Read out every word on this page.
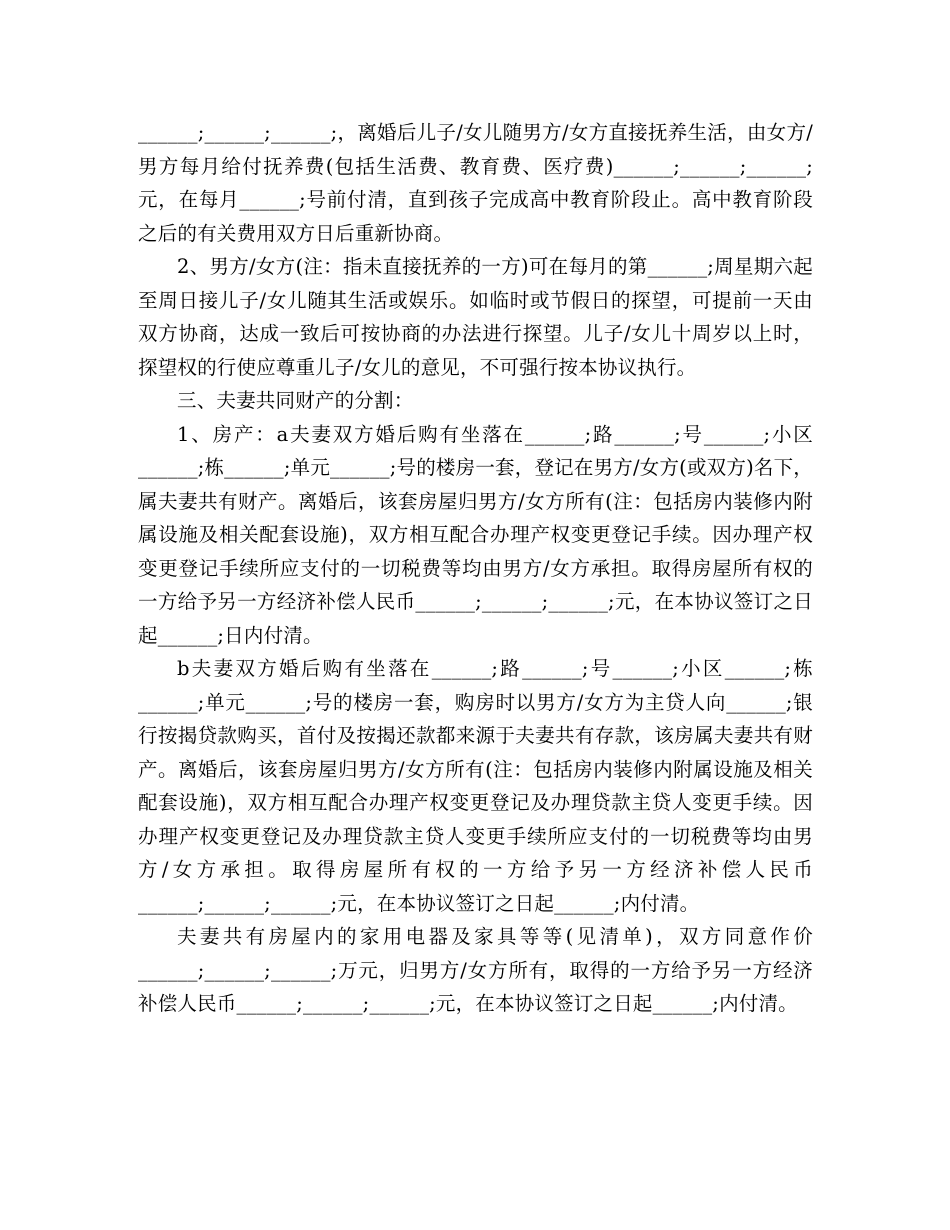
______;______;______;，离婚后儿子/女儿随男方/女方直接抚养生活，由女方/男方每月给付抚养费(包括生活费、教育费、医疗费)______;______;______;元，在每月______;号前付清，直到孩子完成高中教育阶段止。高中教育阶段之后的有关费用双方日后重新协商。

2、男方/女方(注：指未直接抚养的一方)可在每月的第______;周星期六起至周日接儿子/女儿随其生活或娱乐。如临时或节假日的探望，可提前一天由双方协商，达成一致后可按协商的办法进行探望。儿子/女儿十周岁以上时，探望权的行使应尊重儿子/女儿的意见，不可强行按本协议执行。

三、夫妻共同财产的分割：

1、房产：a夫妻双方婚后购有坐落在______;路______;号______;小区______;栋______;单元______;号的楼房一套，登记在男方/女方(或双方)名下，属夫妻共有财产。离婚后，该套房屋归男方/女方所有(注：包括房内装修内附属设施及相关配套设施)，双方相互配合办理产权变更登记手续。因办理产权变更登记手续所应支付的一切税费等均由男方/女方承担。取得房屋所有权的一方给予另一方经济补偿人民币______;______;______;元，在本协议签订之日起______;日内付清。

b夫妻双方婚后购有坐落在______;路______;号______;小区______;栋______;单元______;号的楼房一套，购房时以男方/女方为主贷人向______;银行按揭贷款购买，首付及按揭还款都来源于夫妻共有存款，该房属夫妻共有财产。离婚后，该套房屋归男方/女方所有(注：包括房内装修内附属设施及相关配套设施)，双方相互配合办理产权变更登记及办理贷款主贷人变更手续。因办理产权变更登记及办理贷款主贷人变更手续所应支付的一切税费等均由男方/女方承担。取得房屋所有权的一方给予另一方经济补偿人民币______;______;______;元，在本协议签订之日起______;内付清。

夫妻共有房屋内的家用电器及家具等等(见清单)，双方同意作价______;______;______;万元，归男方/女方所有，取得的一方给予另一方经济补偿人民币______;______;______;元，在本协议签订之日起______;内付清。
